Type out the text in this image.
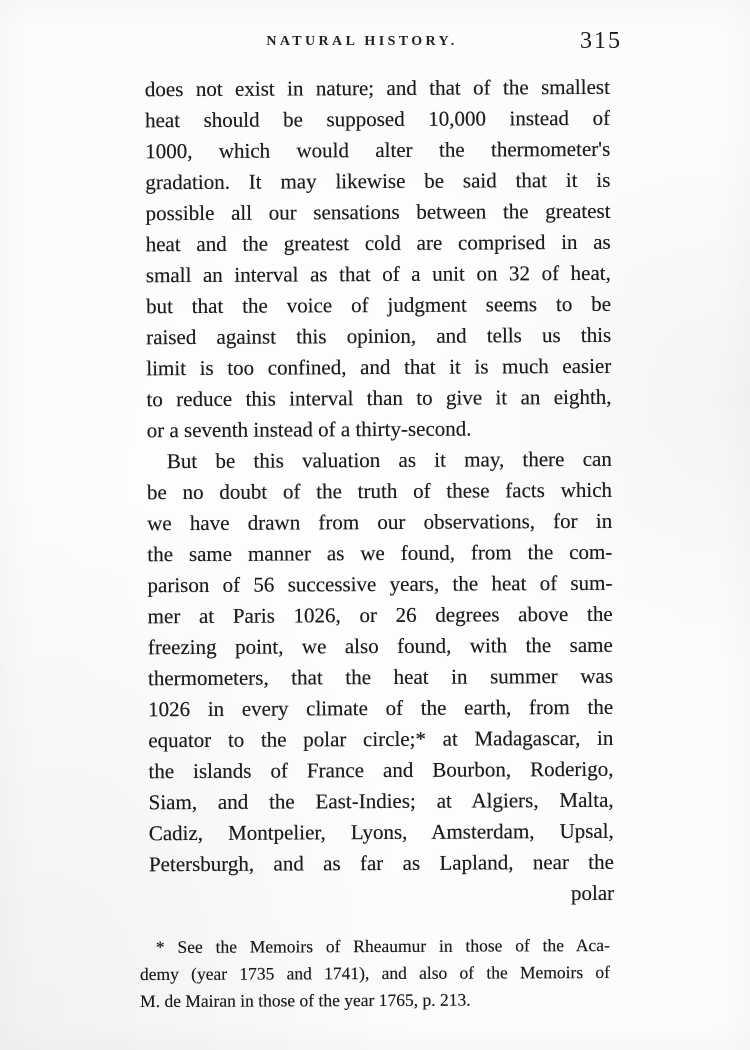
NATURAL HISTORY.	315
does not exist in nature; and that of the smallest
heat should be supposed 10,000 instead of
1000, which would alter the thermometer's
gradation. It may likewise be said that it is
possible all our sensations between the greatest
heat and the greatest cold are comprised in as
small an interval as that of a unit on 32 of heat,
but that the voice of judgment seems to be
raised against this opinion, and tells us this
limit is too confined, and that it is much easier
to reduce this interval than to give it an eighth,
or a seventh instead of a thirty-second.
But be this valuation as it may, there can
be no doubt of the truth of these facts which
we have drawn from our observations, for in
the same manner as we found, from the com-
parison of 56 successive years, the heat of sum-
mer at Paris 1026, or 26 degrees above the
freezing point, we also found, with the same
thermometers, that the heat in summer was
1026 in every climate of the earth, from the
equator to the polar circle;* at Madagascar, in
the islands of France and Bourbon, Roderigo,
Siam, and the East-Indies; at Algiers, Malta,
Cadiz, Montpelier, Lyons, Amsterdam, Upsal,
Petersburgh, and as far as Lapland, near the
polar
* See the Memoirs of Rheaumur in those of the Aca-
demy (year 1735 and 1741), and also of the Memoirs of
M. de Mairan in those of the year 1765, p. 213.
